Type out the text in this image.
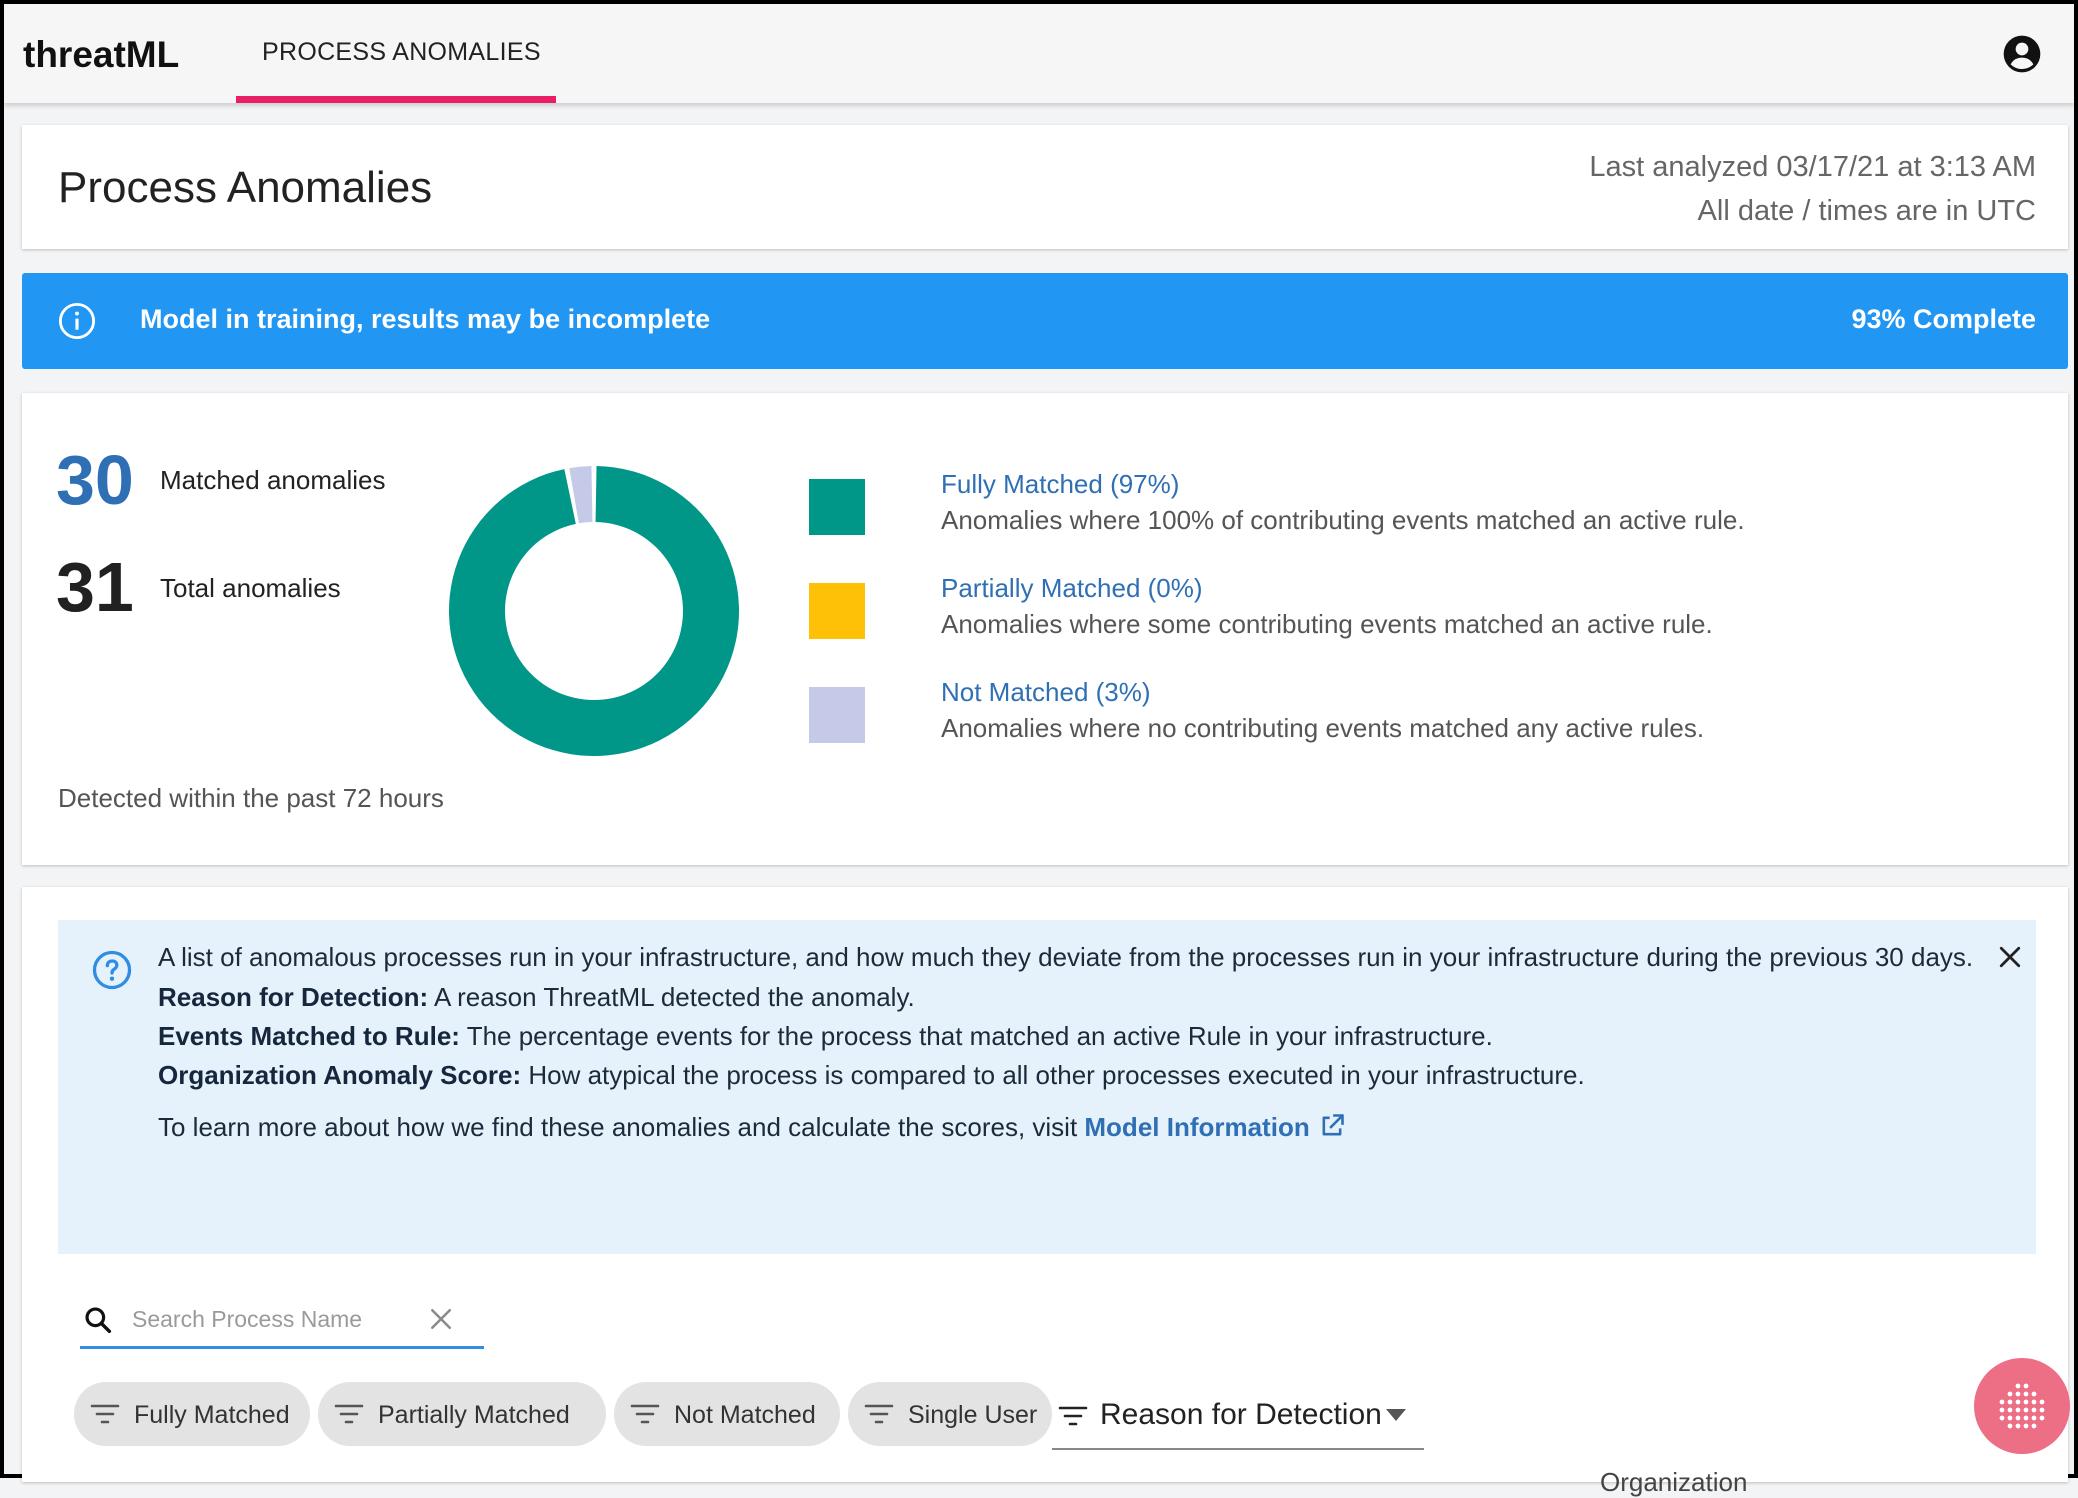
threatML	PROCESS ANOMALIES
Process Anomalies	Last analyzed 03/17/21 at 3:13 AM
All date / times are in UTC
Model in training, results may be incomplete	93% Complete
30 Matched anomalies
31 Total anomalies
Detected within the past 72 hours
Fully Matched (97%)
Anomalies where 100% of contributing events matched an active rule.
Partially Matched (0%)
Anomalies where some contributing events matched an active rule.
Not Matched (3%)
Anomalies where no contributing events matched any active rules.
A list of anomalous processes run in your infrastructure, and how much they deviate from the processes run in your infrastructure during the previous 30 days.
Reason for Detection: A reason ThreatML detected the anomaly.
Events Matched to Rule: The percentage events for the process that matched an active Rule in your infrastructure.
Organization Anomaly Score: How atypical the process is compared to all other processes executed in your infrastructure.
To learn more about how we find these anomalies and calculate the scores, visit Model Information
Search Process Name
Fully Matched	Partially Matched	Not Matched	Single User Reason for Detection
Organization
